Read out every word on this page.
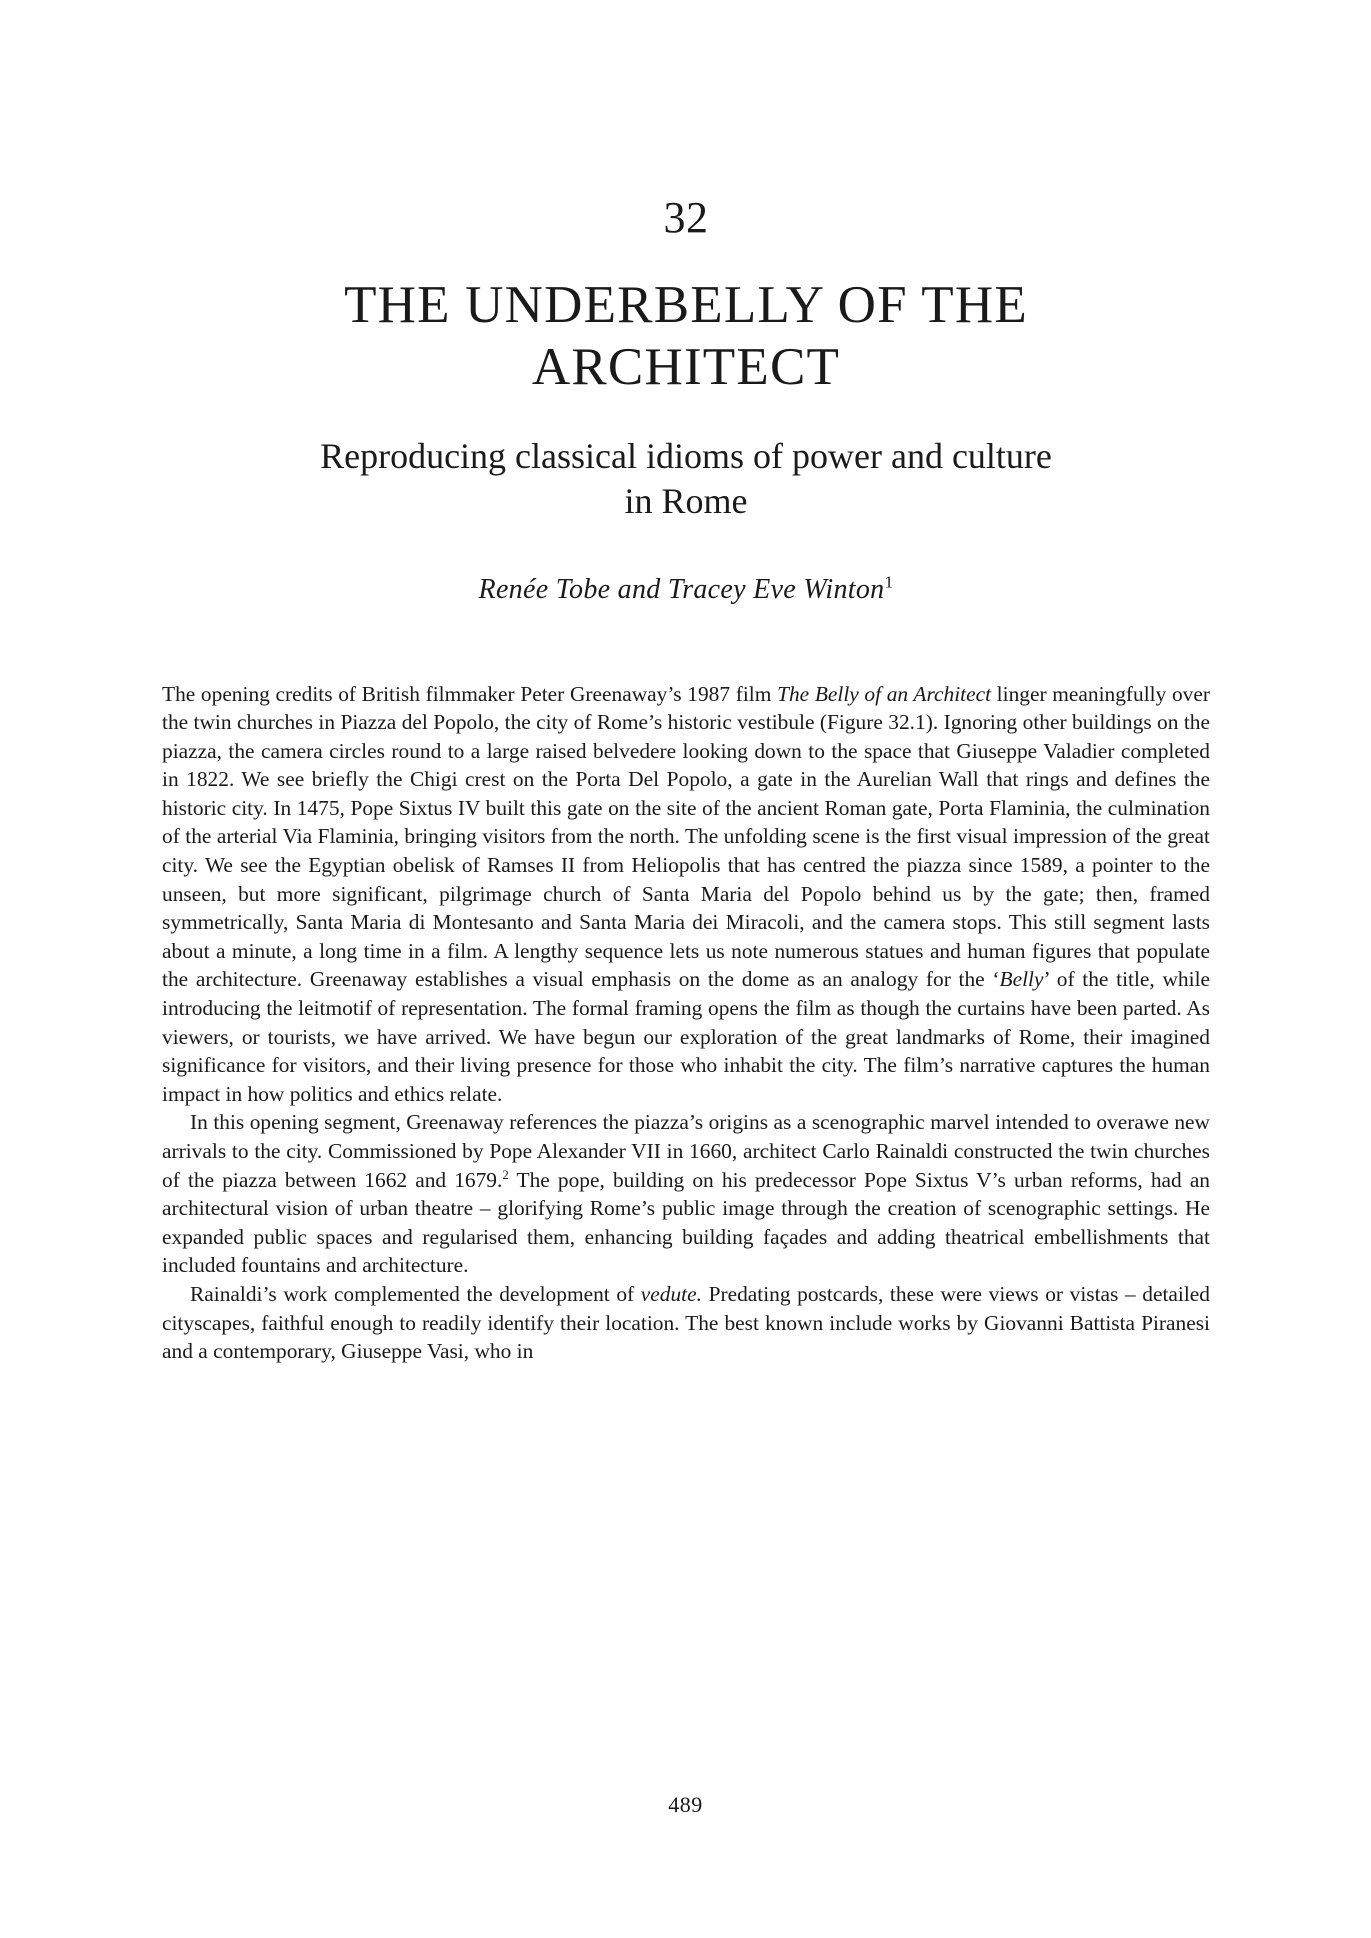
32
THE UNDERBELLY OF THE ARCHITECT
Reproducing classical idioms of power and culture in Rome
Renée Tobe and Tracey Eve Winton$^1$

The opening credits of British filmmaker Peter Greenaway’s 1987 film The Belly of an Architect linger meaningfully over the twin churches in Piazza del Popolo, the city of Rome’s historic vestibule (Figure 32.1). Ignoring other buildings on the piazza, the camera circles round to a large raised belvedere looking down to the space that Giuseppe Valadier completed in 1822. We see briefly the Chigi crest on the Porta Del Popolo, a gate in the Aurelian Wall that rings and defines the historic city. In 1475, Pope Sixtus IV built this gate on the site of the ancient Roman gate, Porta Flaminia, the culmination of the arterial Via Flaminia, bringing visitors from the north. The unfolding scene is the first visual impression of the great city. We see the Egyptian obelisk of Ramses II from Heliopolis that has centred the piazza since 1589, a pointer to the unseen, but more significant, pilgrimage church of Santa Maria del Popolo behind us by the gate; then, framed symmetrically, Santa Maria di Montesanto and Santa Maria dei Miracoli, and the camera stops. This still segment lasts about a minute, a long time in a film. A lengthy sequence lets us note numerous statues and human figures that populate the architecture. Greenaway establishes a visual emphasis on the dome as an analogy for the ‘Belly’ of the title, while introducing the leitmotif of representation. The formal framing opens the film as though the curtains have been parted. As viewers, or tourists, we have arrived. We have begun our exploration of the great landmarks of Rome, their imagined significance for visitors, and their living presence for those who inhabit the city. The film’s narrative captures the human impact in how politics and ethics relate.

In this opening segment, Greenaway references the piazza’s origins as a scenographic marvel intended to overawe new arrivals to the city. Commissioned by Pope Alexander VII in 1660, architect Carlo Rainaldi constructed the twin churches of the piazza between 1662 and 1679.$^2$ The pope, building on his predecessor Pope Sixtus V’s urban reforms, had an architectural vision of urban theatre – glorifying Rome’s public image through the creation of scenographic settings. He expanded public spaces and regularised them, enhancing building façades and adding theatrical embellishments that included fountains and architecture.

Rainaldi’s work complemented the development of vedute. Predating postcards, these were views or vistas – detailed cityscapes, faithful enough to readily identify their location. The best known include works by Giovanni Battista Piranesi and a contemporary, Giuseppe Vasi, who in

489
